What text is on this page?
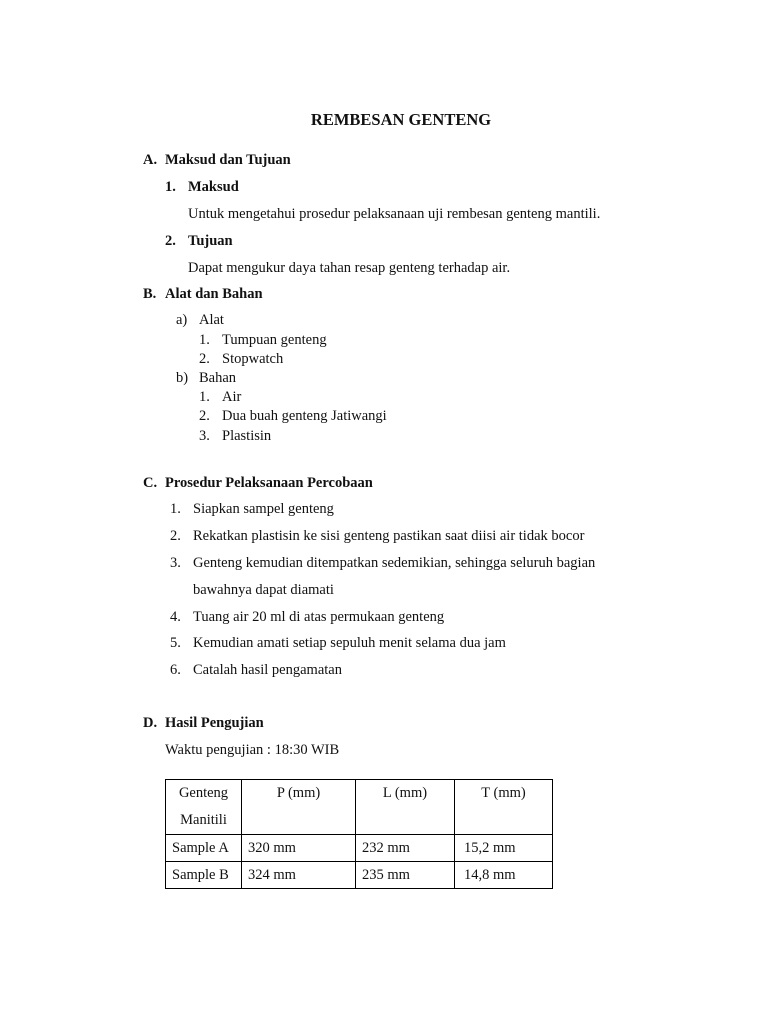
REMBESAN GENTENG
A. Maksud dan Tujuan
1. Maksud
Untuk mengetahui prosedur pelaksanaan uji rembesan genteng mantili.
2. Tujuan
Dapat mengukur daya tahan resap genteng terhadap air.
B. Alat dan Bahan
a) Alat
1. Tumpuan genteng
2. Stopwatch
b) Bahan
1. Air
2. Dua buah genteng Jatiwangi
3. Plastisin
C. Prosedur Pelaksanaan Percobaan
1. Siapkan sampel genteng
2. Rekatkan plastisin ke sisi genteng pastikan saat diisi air tidak bocor
3. Genteng kemudian ditempatkan sedemikian, sehingga seluruh bagian
bawahnya dapat diamati
4. Tuang air 20 ml di atas permukaan genteng
5. Kemudian amati setiap sepuluh menit selama dua jam
6. Catalah hasil pengamatan
D. Hasil Pengujian
Waktu pengujian : 18:30 WIB
Genteng
Manitili	P (mm)	L (mm)	T (mm)
Sample A	320 mm	232 mm	15,2 mm
Sample B	324 mm	235 mm	14,8 mm
